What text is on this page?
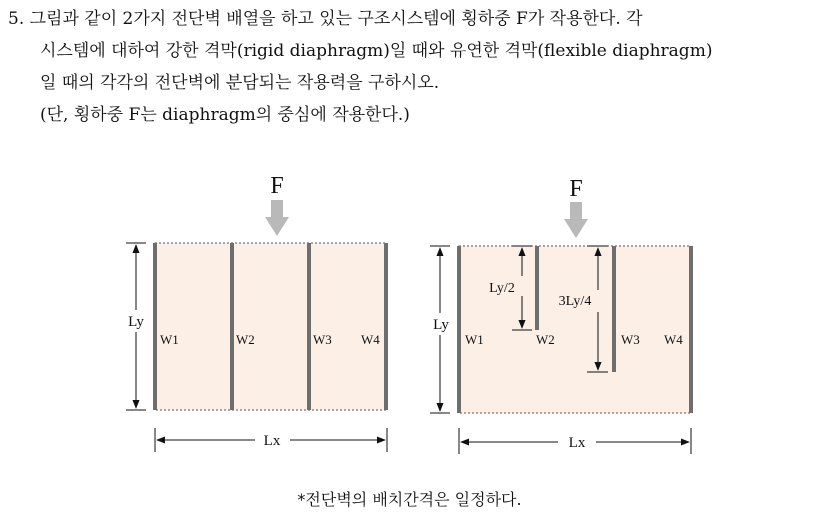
5. 그림과 같이 2가지 전단벽 배열을 하고 있는 구조시스템에 횡하중 F가 작용한다. 각
시스템에 대하여 강한 격막(rigid diaphragm)일 때와 유연한 격막(flexible diaphragm)
일 때의 각각의 전단벽에 분담되는 작용력을 구하시오.
(단, 횡하중 F는 diaphragm의 중심에 작용한다.)
F
W1	W2	W3 W4
Ly
Lx
F
W1	W2	W3 W4
Ly
Ly/2
3Ly/4
Lx
*전단벽의 배치간격은 일정하다.
